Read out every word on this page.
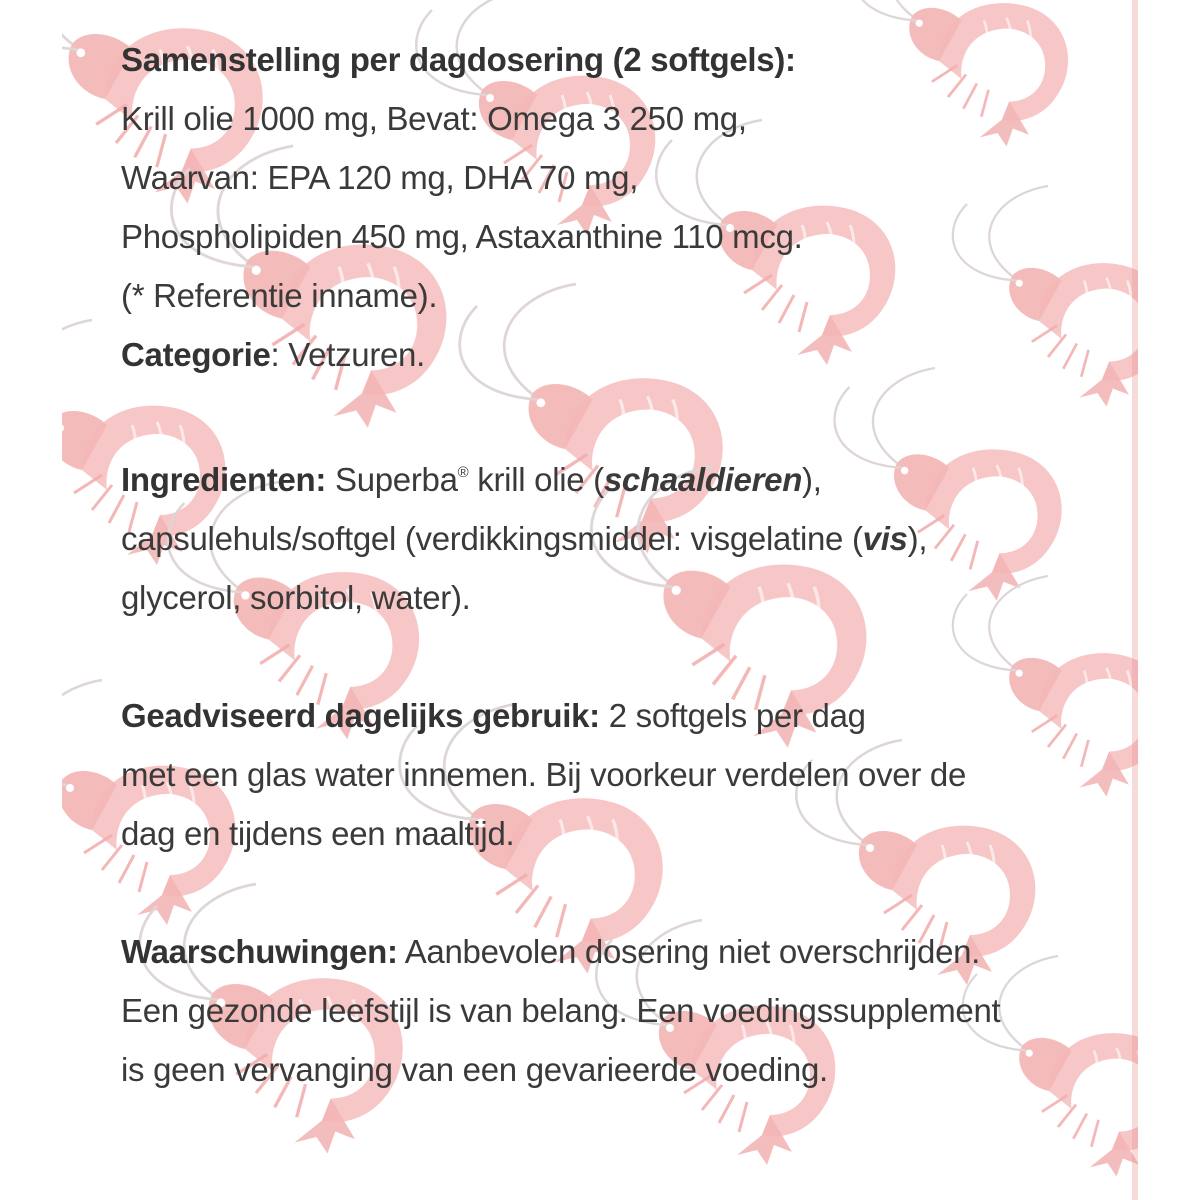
Samenstelling per dagdosering (2 softgels):
Krill olie 1000 mg, Bevat: Omega 3 250 mg,
Waarvan: EPA 120 mg, DHA 70 mg,
Phospholipiden 450 mg, Astaxanthine 110 mcg.
(* Referentie inname).
Categorie: Vetzuren.
Ingredienten: Superba® krill olie (schaaldieren),
capsulehuls/softgel (verdikkingsmiddel: visgelatine (vis),
glycerol, sorbitol, water).
Geadviseerd dagelijks gebruik: 2 softgels per dag
met een glas water innemen. Bij voorkeur verdelen over de
dag en tijdens een maaltijd.
Waarschuwingen: Aanbevolen dosering niet overschrijden.
Een gezonde leefstijl is van belang. Een voedingssupplement
is geen vervanging van een gevarieerde voeding.
